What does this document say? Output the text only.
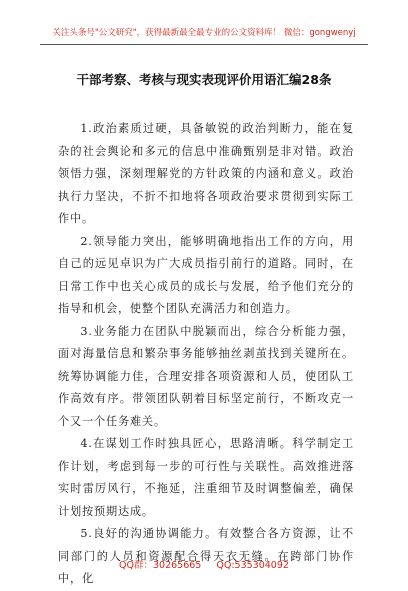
关注头条号"公文研究"，获得最新最全最专业的公文资料库！ 微信：gongwenyj
干部考察、考核与现实表现评价用语汇编28条

1.政治素质过硬，具备敏锐的政治判断力，能在复杂的社会舆论和多元的信息中准确甄别是非对错。政治领悟力强，深刻理解党的方针政策的内涵和意义。政治执行力坚决，不折不扣地将各项政治要求贯彻到实际工作中。

2.领导能力突出，能够明确地指出工作的方向，用自己的远见卓识为广大成员指引前行的道路。同时，在日常工作中也关心成员的成长与发展，给予他们充分的指导和机会，使整个团队充满活力和创造力。

3.业务能力在团队中脱颖而出，综合分析能力强，面对海量信息和繁杂事务能够抽丝剥茧找到关键所在。统筹协调能力佳，合理安排各项资源和人员，使团队工作高效有序。带领团队朝着目标坚定前行，不断攻克一个又一个任务难关。

4.在谋划工作时独具匠心，思路清晰。科学制定工作计划，考虑到每一步的可行性与关联性。高效推进落实时雷厉风行，不拖延，注重细节及时调整偏差，确保计划按预期达成。

5.良好的沟通协调能力。有效整合各方资源，让不同部门的人员和资源配合得天衣无缝。在跨部门协作中，化

QQ群：30265665 QQ:535304092
